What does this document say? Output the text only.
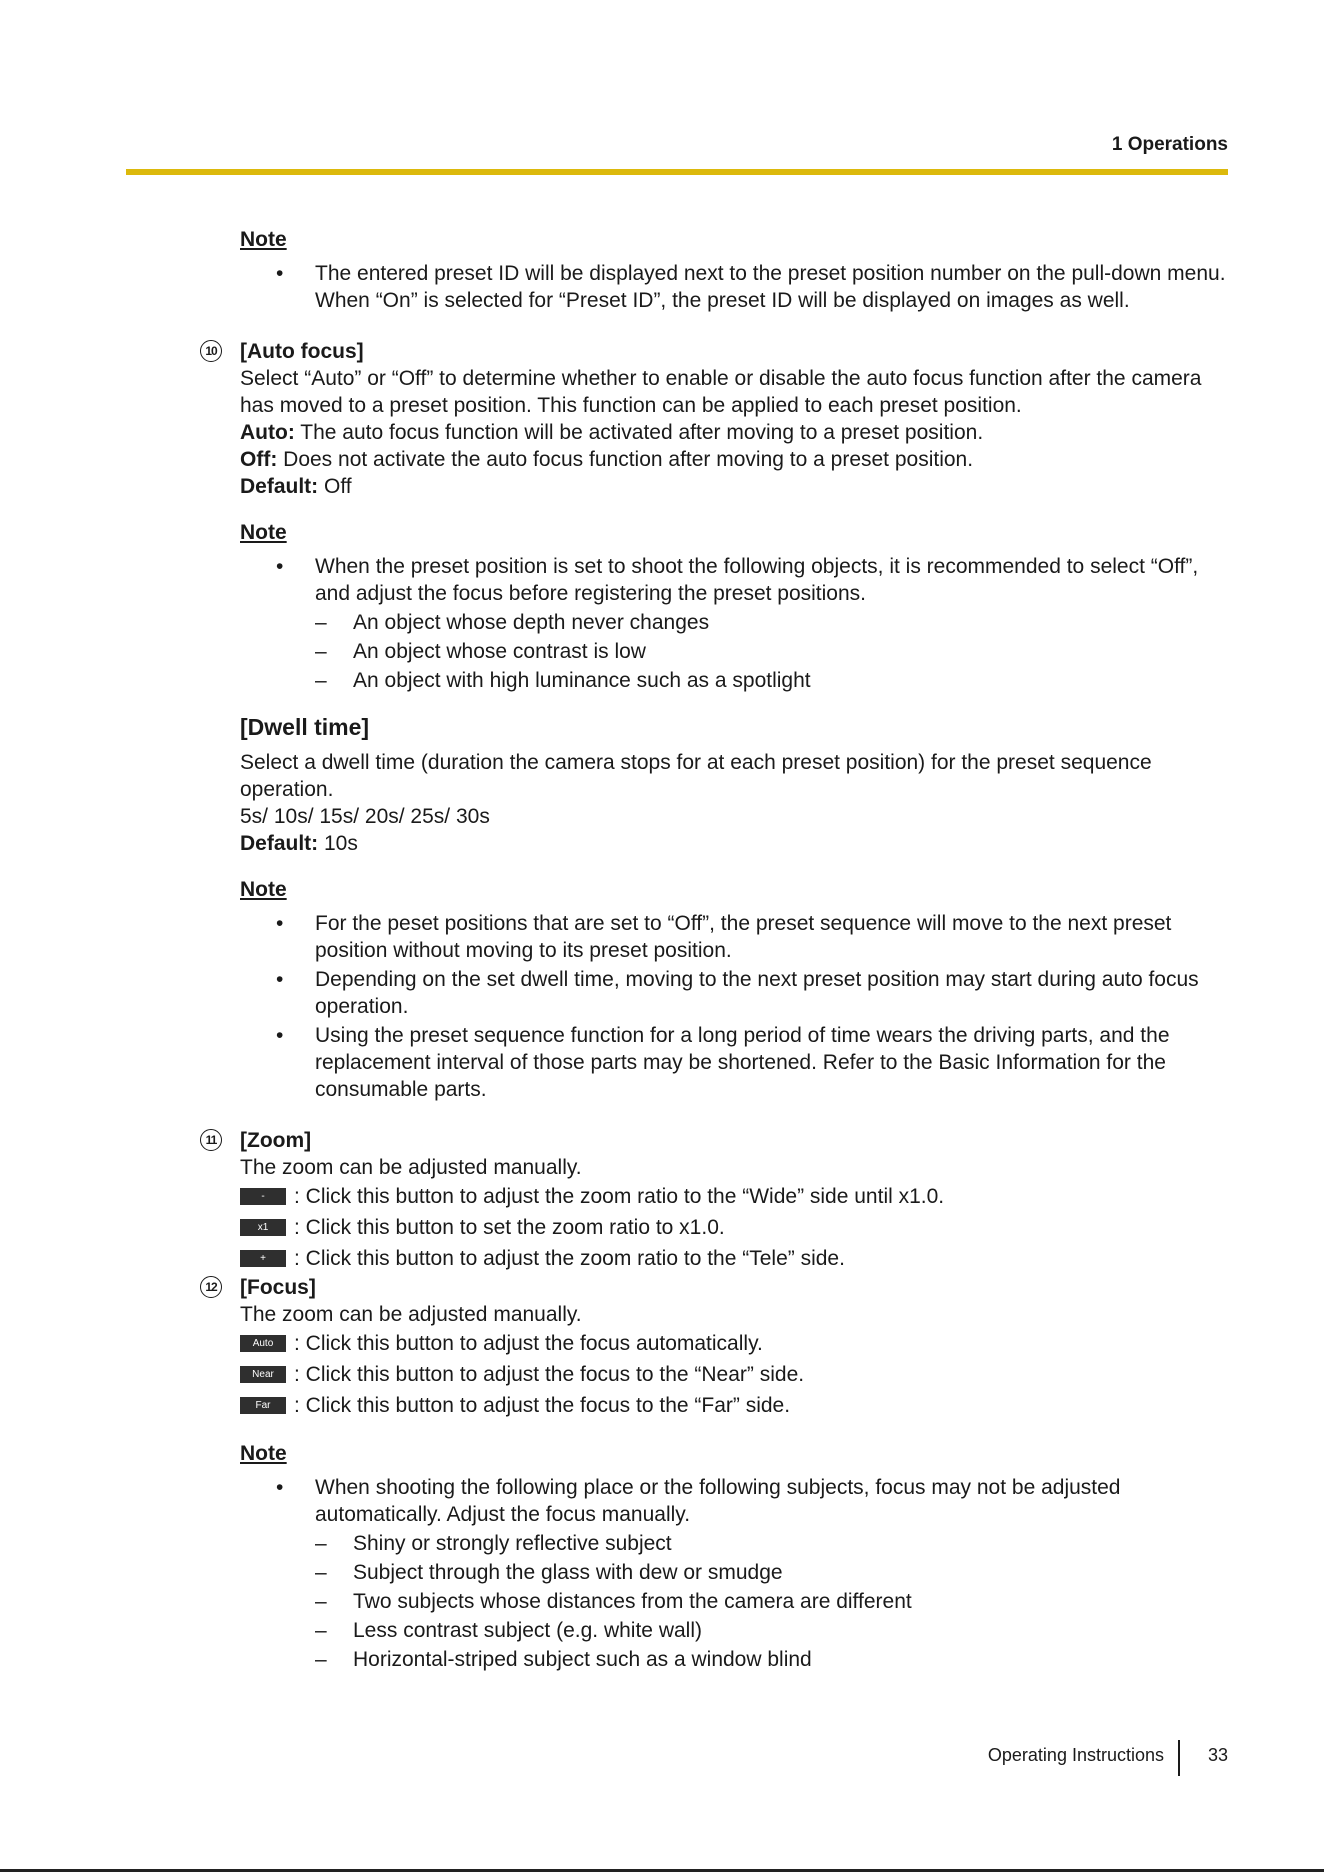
1 Operations
Note
• The entered preset ID will be displayed next to the preset position number on the pull-down menu. When “On” is selected for “Preset ID”, the preset ID will be displayed on images as well.
10 [Auto focus]
Select “Auto” or “Off” to determine whether to enable or disable the auto focus function after the camera has moved to a preset position. This function can be applied to each preset position.
Auto: The auto focus function will be activated after moving to a preset position.
Off: Does not activate the auto focus function after moving to a preset position.
Default: Off
Note
• When the preset position is set to shoot the following objects, it is recommended to select “Off”, and adjust the focus before registering the preset positions.
– An object whose depth never changes
– An object whose contrast is low
– An object with high luminance such as a spotlight
[Dwell time]
Select a dwell time (duration the camera stops for at each preset position) for the preset sequence operation.
5s/ 10s/ 15s/ 20s/ 25s/ 30s
Default: 10s
Note
• For the peset positions that are set to “Off”, the preset sequence will move to the next preset position without moving to its preset position.
• Depending on the set dwell time, moving to the next preset position may start during auto focus operation.
• Using the preset sequence function for a long period of time wears the driving parts, and the replacement interval of those parts may be shortened. Refer to the Basic Information for the consumable parts.
11 [Zoom]
The zoom can be adjusted manually.
-	: Click this button to adjust the zoom ratio to the “Wide” side until x1.0.
x1	: Click this button to set the zoom ratio to x1.0.
+	: Click this button to adjust the zoom ratio to the “Tele” side.
12 [Focus]
The zoom can be adjusted manually.
Auto : Click this button to adjust the focus automatically.
Near : Click this button to adjust the focus to the “Near” side.
Far	: Click this button to adjust the focus to the “Far” side.
Note
• When shooting the following place or the following subjects, focus may not be adjusted automatically. Adjust the focus manually.
– Shiny or strongly reflective subject
– Subject through the glass with dew or smudge
– Two subjects whose distances from the camera are different
– Less contrast subject (e.g. white wall)
– Horizontal-striped subject such as a window blind
Operating Instructions 33
